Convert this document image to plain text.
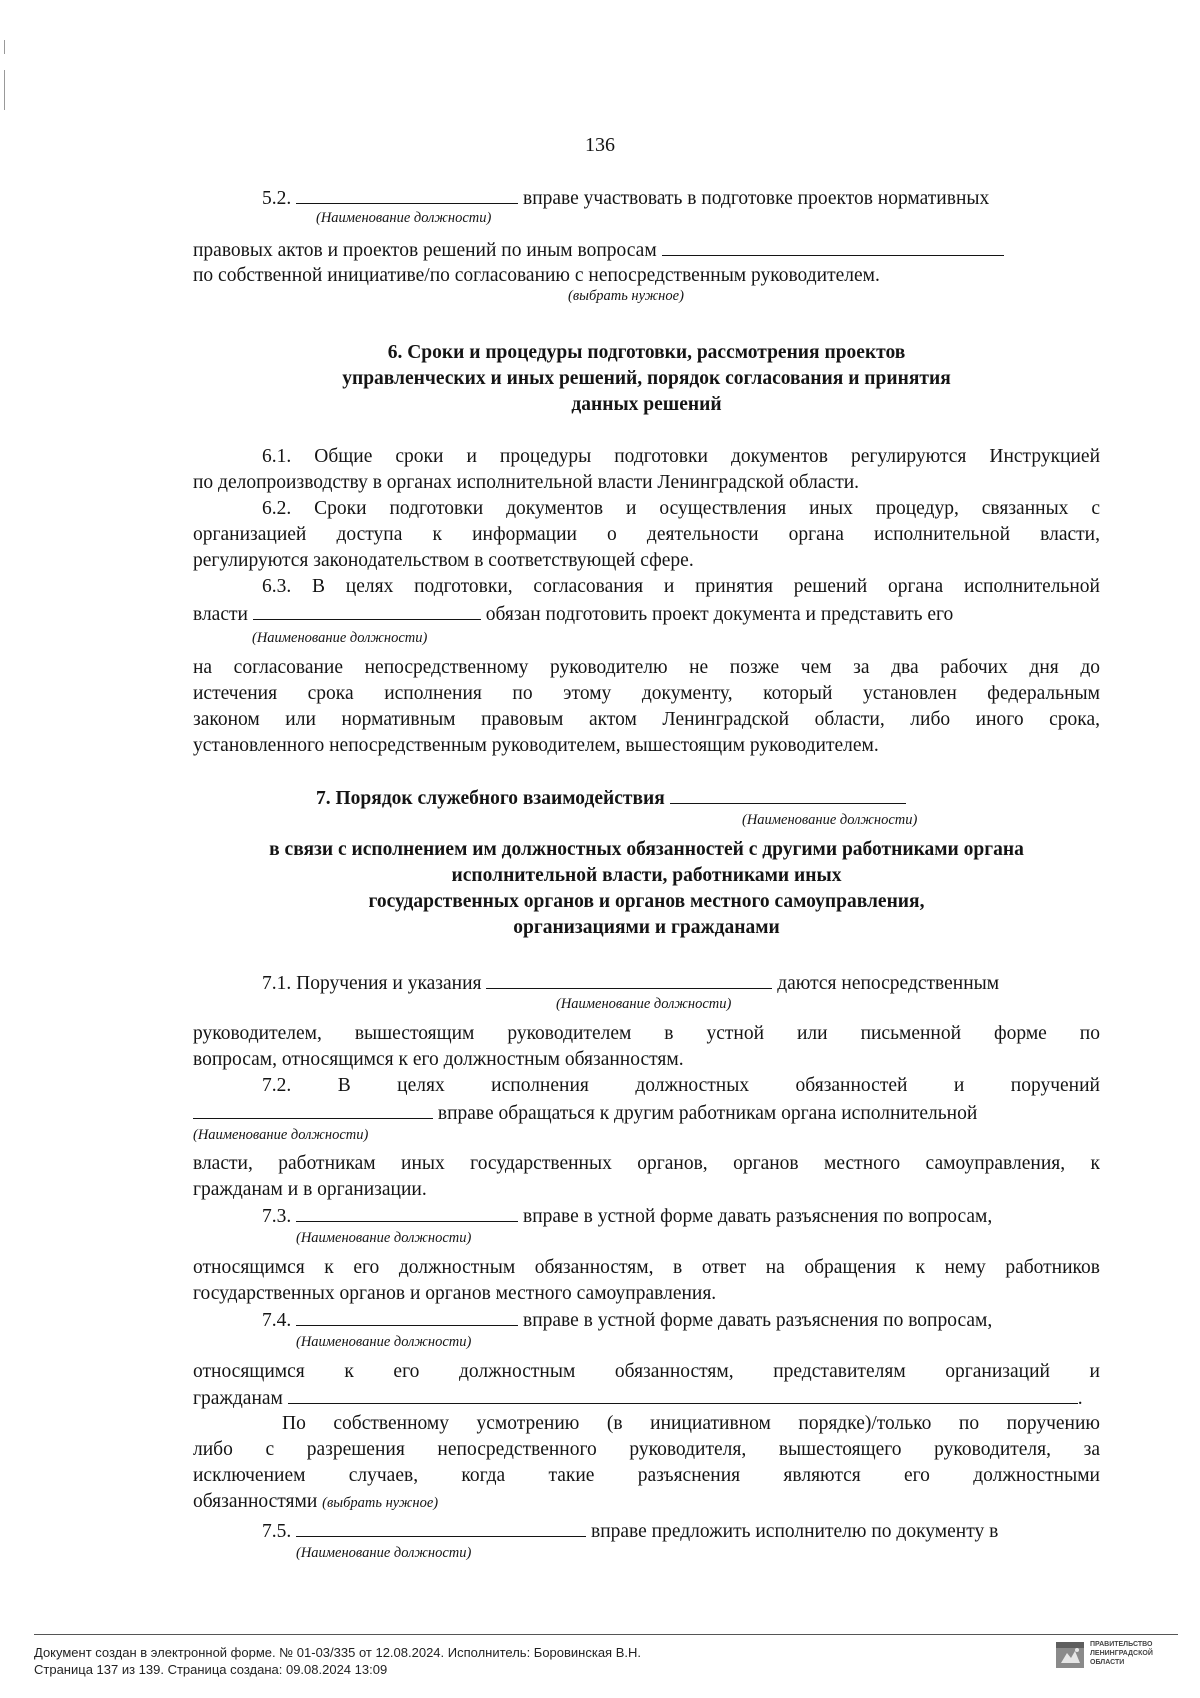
136
5.2.	вправе участвовать в подготовке проектов нормативных
(Наименование должности)
правовых актов и проектов решений по иным вопросам
по собственной инициативе/по согласованию с непосредственным руководителем.
(выбрать нужное)
6. Сроки и процедуры подготовки, рассмотрения проектов
управленческих и иных решений, порядок согласования и принятия
данных решений
6.1. Общие сроки и процедуры подготовки документов регулируются Инструкцией
по делопроизводству в органах исполнительной власти Ленинградской области.
6.2. Сроки подготовки документов и осуществления иных процедур, связанных с
организацией доступа к информации о деятельности органа исполнительной власти,
регулируются законодательством в соответствующей сфере.
6.3. В целях подготовки, согласования и принятия решений органа исполнительной
власти	обязан подготовить проект документа и представить его
(Наименование должности)
на согласование непосредственному руководителю не позже чем за два рабочих дня до
истечения срока исполнения по этому документу, который установлен федеральным
законом или нормативным правовым актом Ленинградской области, либо иного срока,
установленного непосредственным руководителем, вышестоящим руководителем.
7. Порядок служебного взаимодействия
(Наименование должности)
в связи с исполнением им должностных обязанностей с другими работниками органа
исполнительной власти, работниками иных
государственных органов и органов местного самоуправления,
организациями и гражданами
7.1. Поручения и указания	даются непосредственным
(Наименование должности)
руководителем, вышестоящим руководителем в устной или письменной форме по
вопросам, относящимся к его должностным обязанностям.
7.2. В целях исполнения должностных обязанностей и поручений
вправе обращаться к другим работникам органа исполнительной
(Наименование должности)
власти, работникам иных государственных органов, органов местного самоуправления, к
гражданам и в организации.
7.3.	вправе в устной форме давать разъяснения по вопросам,
(Наименование должности)
относящимся к его должностным обязанностям, в ответ на обращения к нему работников
государственных органов и органов местного самоуправления.
7.4.	вправе в устной форме давать разъяснения по вопросам,
(Наименование должности)
относящимся к его должностным обязанностям, представителям организаций и
гражданам	.
По собственному усмотрению (в инициативном порядке)/только по поручению
либо с разрешения непосредственного руководителя, вышестоящего руководителя, за
исключением случаев, когда такие разъяснения являются его должностными
обязанностями (выбрать нужное)
7.5.	вправе предложить исполнителю по документу в
(Наименование должности)
Документ создан в электронной форме. № 01-03/335 от 12.08.2024. Исполнитель: Боровинская В.Н.
Страница 137 из 139. Страница создана: 09.08.2024 13:09
ПРАВИТЕЛЬСТВО
ЛЕНИНГРАДСКОЙ
ОБЛАСТИ
